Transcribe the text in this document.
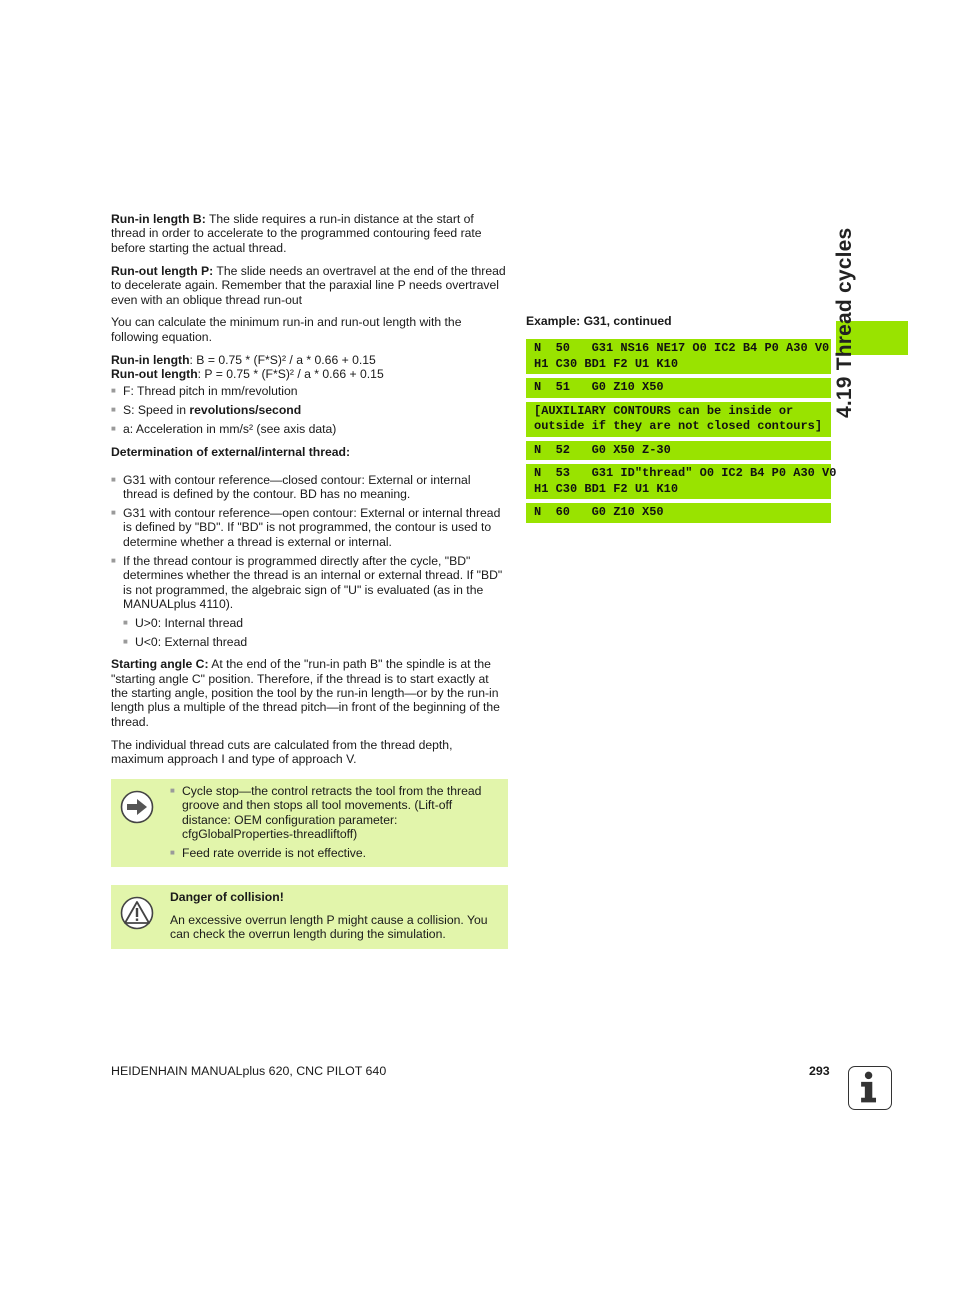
Run-in length B: The slide requires a run-in distance at the start of thread in order to accelerate to the programmed contouring feed rate before starting the actual thread.

Run-out length P: The slide needs an overtravel at the end of the thread to decelerate again. Remember that the paraxial line P needs overtravel even with an oblique thread run-out

You can calculate the minimum run-in and run-out length with the following equation.

Run-in length: B = 0.75 * (F*S)² / a * 0.66 + 0.15
Run-out length: P = 0.75 * (F*S)² / a * 0.66 + 0.15
■ F: Thread pitch in mm/revolution
■ S: Speed in revolutions/second
■ a: Acceleration in mm/s² (see axis data)
Determination of external/internal thread:
■ G31 with contour reference—closed contour: External or internal thread is defined by the contour. BD has no meaning.
■ G31 with contour reference—open contour: External or internal thread is defined by "BD". If "BD" is not programmed, the contour is used to determine whether a thread is external or internal.
■ If the thread contour is programmed directly after the cycle, "BD" determines whether the thread is an internal or external thread. If "BD" is not programmed, the algebraic sign of "U" is evaluated (as in the MANUALplus 4110).
■ U>0: Internal thread
■ U<0: External thread

Starting angle C: At the end of the "run-in path B" the spindle is at the "starting angle C" position. Therefore, if the thread is to start exactly at the starting angle, position the tool by the run-in length—or by the run-in length plus a multiple of the thread pitch—in front of the beginning of the thread.

The individual thread cuts are calculated from the thread depth, maximum approach I and type of approach V.

■ Cycle stop—the control retracts the tool from the thread groove and then stops all tool movements. (Lift-off distance: OEM configuration parameter: cfgGlobalProperties-threadliftoff)
■ Feed rate override is not effective.
Danger of collision!
An excessive overrun length P might cause a collision. You can check the overrun length during the simulation.
Example: G31, continued
N  50   G31 NS16 NE17 O0 IC2 B4 P0 A30 V0
H1 C30 BD1 F2 U1 K10
N  51   G0 Z10 X50
[AUXILIARY CONTOURS can be inside or
outside if they are not closed contours]
N  52   G0 X50 Z-30
N  53   G31 ID"thread" O0 IC2 B4 P0 A30 V0
H1 C30 BD1 F2 U1 K10
N  60   G0 Z10 X50
4.19 Thread cycles
HEIDENHAIN MANUALplus 620, CNC PILOT 640	293
